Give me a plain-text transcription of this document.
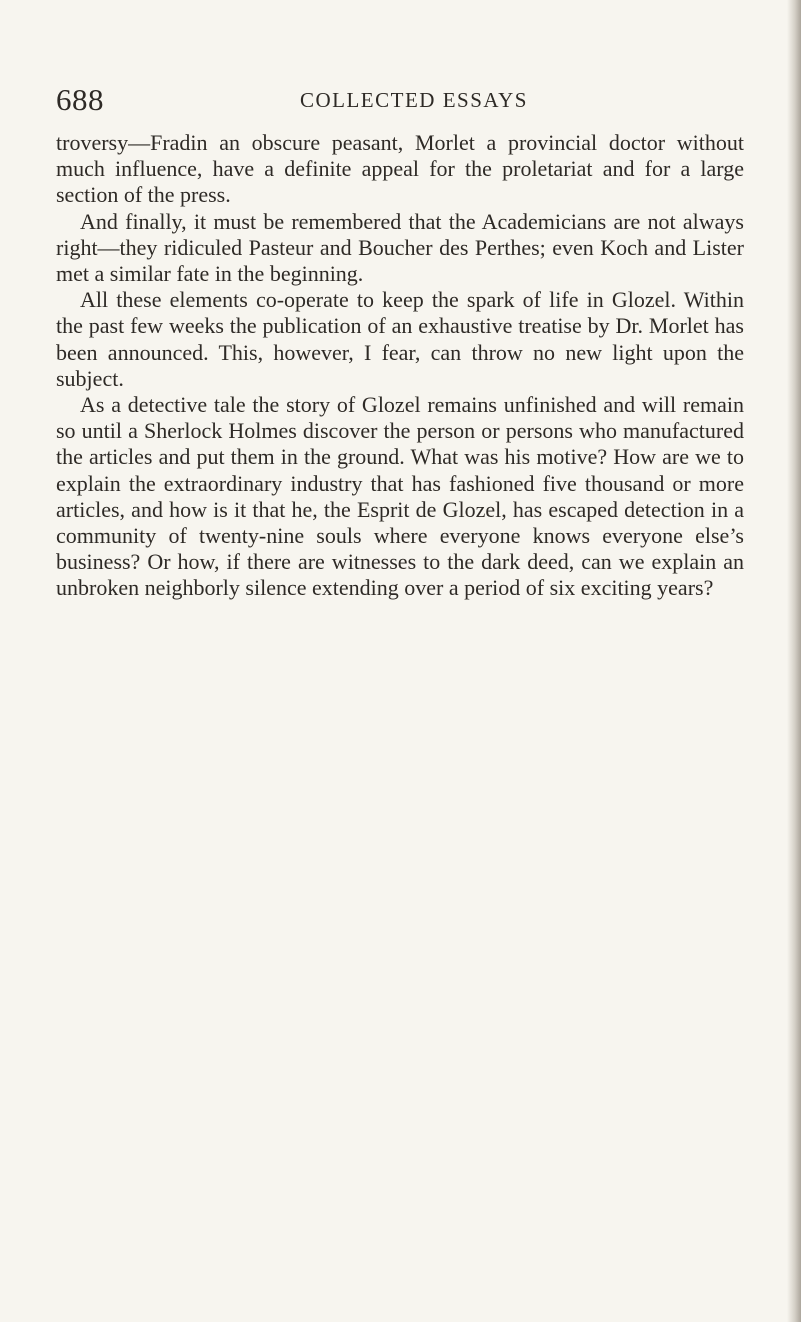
688	COLLECTED ESSAYS

troversy—Fradin an obscure peasant, Morlet a provincial doctor without much influence, have a definite appeal for the proletariat and for a large section of the press.

And finally, it must be remembered that the Academicians are not always right—they ridiculed Pasteur and Boucher des Perthes; even Koch and Lister met a similar fate in the beginning.

All these elements co-operate to keep the spark of life in Glozel. Within the past few weeks the publication of an exhaustive treatise by Dr. Morlet has been announced. This, however, I fear, can throw no new light upon the subject.

As a detective tale the story of Glozel remains unfinished and will remain so until a Sherlock Holmes discover the person or persons who manufactured the articles and put them in the ground. What was his motive? How are we to explain the extraordinary industry that has fashioned five thousand or more articles, and how is it that he, the Esprit de Glozel, has escaped detection in a community of twenty-nine souls where everyone knows everyone else’s business? Or how, if there are witnesses to the dark deed, can we explain an unbroken neighborly silence extending over a period of six exciting years?
